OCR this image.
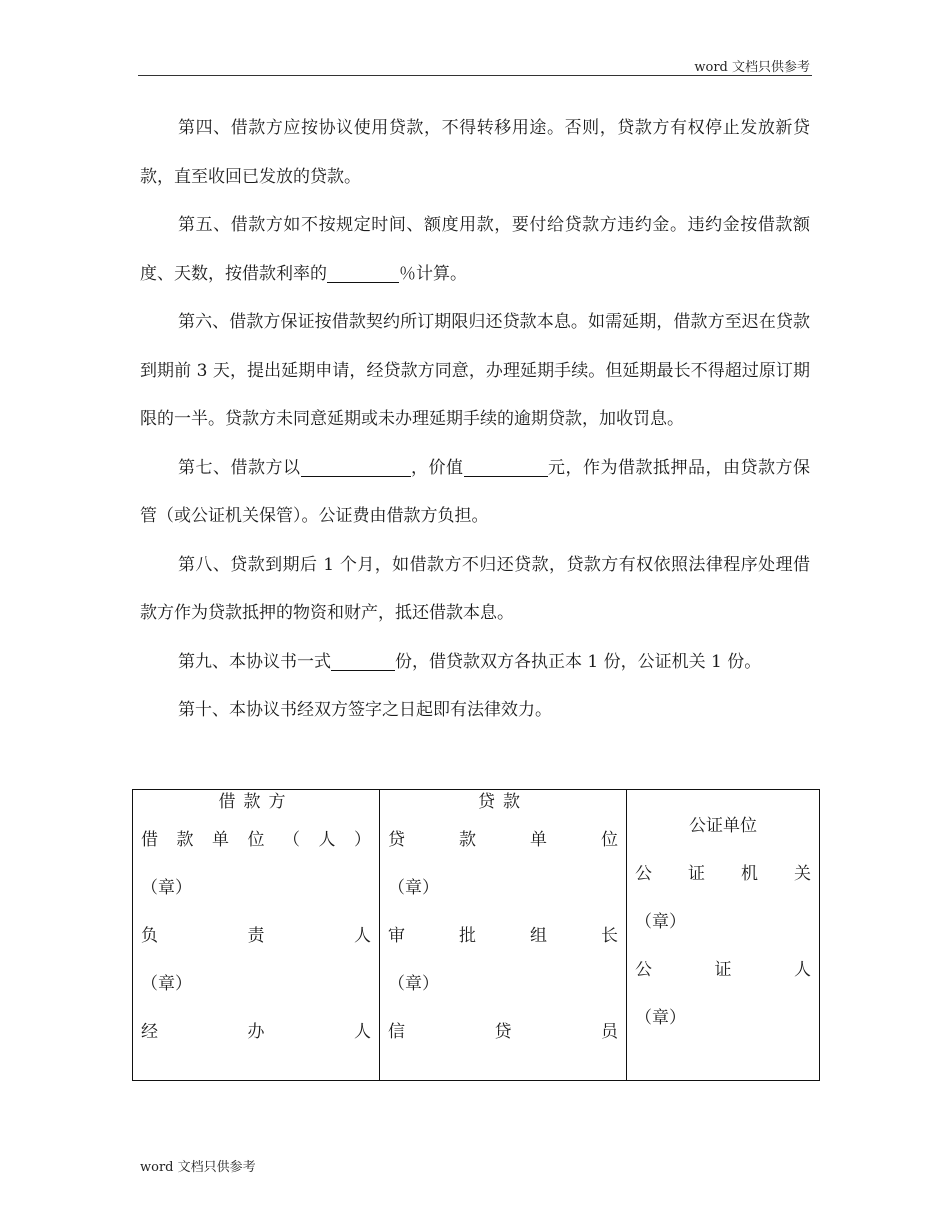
word 文档只供参考

第四、借款方应按协议使用贷款，不得转移用途。否则，贷款方有权停止发放新贷款，直至收回已发放的贷款。

第五、借款方如不按规定时间、额度用款，要付给贷款方违约金。违约金按借款额度、天数，按借款利率的	％计算。

第六、借款方保证按借款契约所订期限归还贷款本息。如需延期，借款方至迟在贷款到期前 3 天，提出延期申请，经贷款方同意，办理延期手续。但延期最长不得超过原订期限的一半。贷款方未同意延期或未办理延期手续的逾期贷款，加收罚息。

第七、借款方以	，价值	元，作为借款抵押品，由贷款方保管（或公证机关保管）。公证费由借款方负担。

第八、贷款到期后 1 个月，如借款方不归还贷款，贷款方有权依照法律程序处理借款方作为贷款抵押的物资和财产，抵还借款本息。

第九、本协议书一式	份，借贷款双方各执正本 1 份，公证机关 1 份。

第十、本协议书经双方签字之日起即有法律效力。

借款方
借 款 单 位 （ 人 ）
（章）
负	责	人
（章）
经	办	人

贷款
贷	款	单	位
（章）
审	批	组	长
（章）
信	贷	员

公证单位
公 证 机 关
（章）
公	证	人
（章）
word 文档只供参考
